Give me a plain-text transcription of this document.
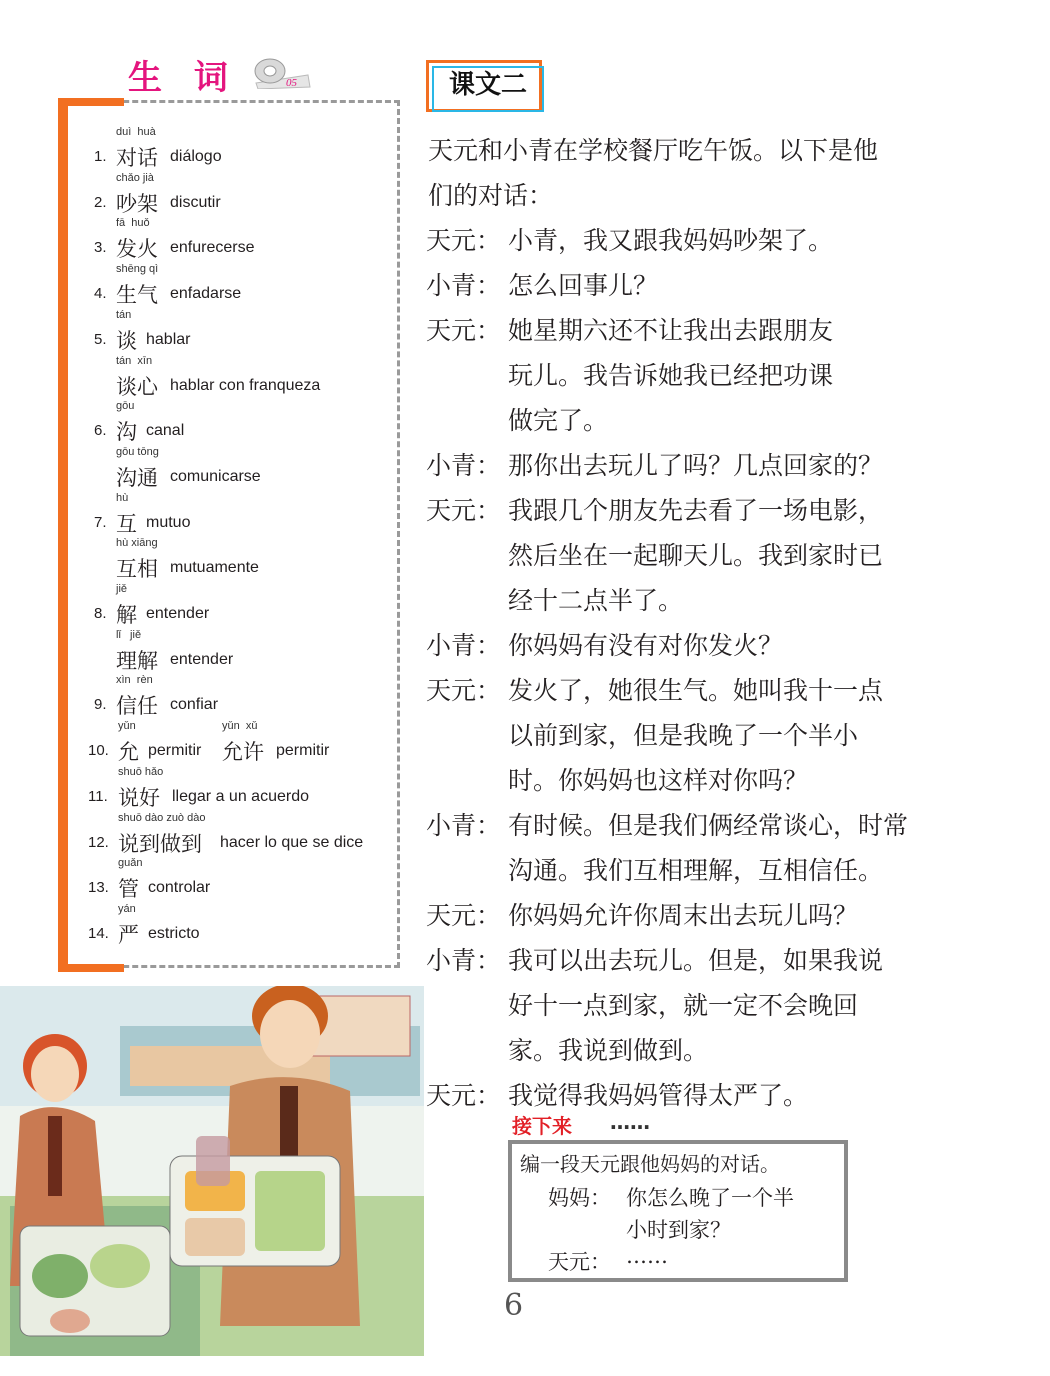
生 词	05
1.
duì  huà
对话 diálogo
2.
chǎo jià
吵架 discutir
3.
fā  huǒ
发火 enfurecerse
4.
shēng qì
生气 enfadarse
5.
tán
谈 hablar
tán  xīn
谈心 hablar con franqueza
6.
gōu
沟 canal
gōu tōng
沟通 comunicarse
7.
hù
互 mutuo
hù xiāng
互相 mutuamente
8.
jiě
解 entender
lǐ   jiě
理解 entender
9.
xìn  rèn
信任 confiar
10.
yǔn
允 permitir
yǔn  xǔ
允许 permitir
11.
shuō hǎo
说好 llegar a un acuerdo
12.
shuō dào zuò dào
说到做到 hacer lo que se dice
13.
guǎn
管 controlar
14.
yán
严 estricto
课文二
天元和小青在学校餐厅吃午饭。以下是他
们的对话：
天元： 小青，我又跟我妈妈吵架了。
小青： 怎么回事儿？
天元： 她星期六还不让我出去跟朋友
玩儿。我告诉她我已经把功课
做完了。
小青： 那你出去玩儿了吗？几点回家的？
天元： 我跟几个朋友先去看了一场电影，
然后坐在一起聊天儿。我到家时已
经十二点半了。
小青： 你妈妈有没有对你发火？
天元： 发火了，她很生气。她叫我十一点
以前到家，但是我晚了一个半小
时。你妈妈也这样对你吗？
小青： 有时候。但是我们俩经常谈心，时常
沟通。我们互相理解，互相信任。
天元： 你妈妈允许你周末出去玩儿吗？
小青： 我可以出去玩儿。但是，如果我说
好十一点到家，就一定不会晚回
家。我说到做到。
天元： 我觉得我妈妈管得太严了。
接下来 ……
编一段天元跟他妈妈的对话。
妈妈： 你怎么晚了一个半
小时到家？
天元： ……
6
